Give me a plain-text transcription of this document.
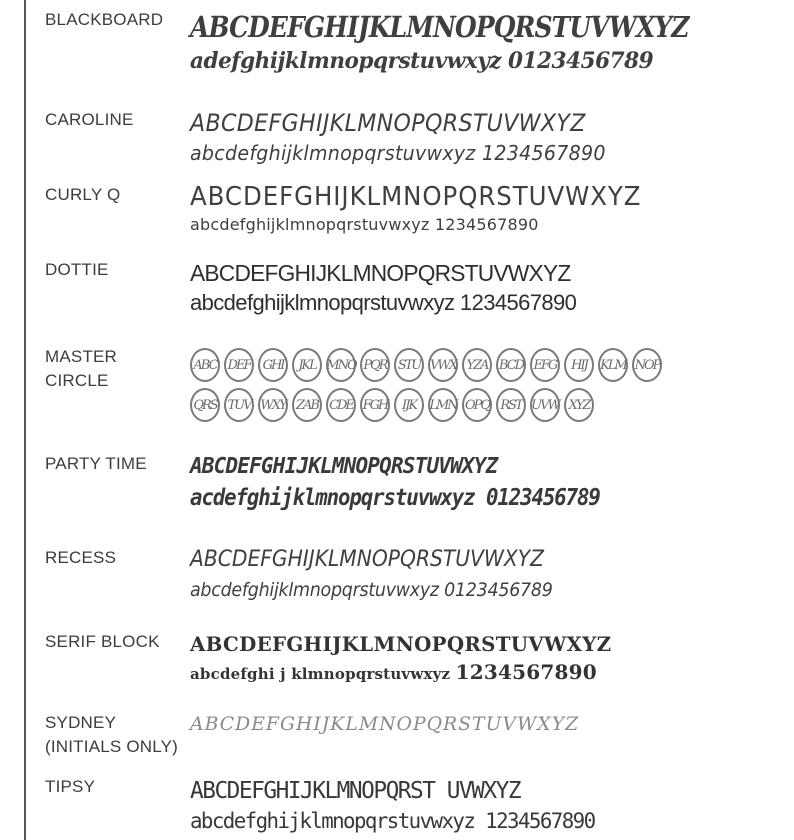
BLACKBOARD ABCDEFGHIJKLMNOPQRSTUVWXYZ
adefghijklmnopqrstuvwxyz 0123456789
CAROLINE	ABCDEFGHIJKLMNOPQRSTUVWXYZ
abcdefghijklmnopqrstuvwxyz 1234567890
CURLY Q	ABCDEFGHIJKLMNOPQRSTUVWXYZ
abcdefghijklmnopqrstuvwxyz 1234567890
DOTTIE	ABCDEFGHIJKLMNOPQRSTUVWXYZ
abcdefghijklmnopqrstuvwxyz 1234567890
MASTER CIRCLE
ABC DEF GHI	JKL MNO PQR STU VWX YZA BCD EFG	HIJ	KLM NOP
QRS TUV WXY ZAB CDE FGH	IJK	LMN OPQ RST UVW XYZ
PARTY TIME	ABCDEFGHIJKLMNOPQRSTUVWXYZ
acdefghijklmnopqrstuvwxyz 0123456789
RECESS	ABCDEFGHIJKLMNOPQRSTUVWXYZ
abcdefghijklmnopqrstuvwxyz 0123456789
SERIF BLOCK	ABCDEFGHIJKLMNOPQRSTUVWXYZ
abcdefghi j klmnopqrstuvwxyz 1234567890
SYDNEY
(INITIALS ONLY)
ABCDEFGHIJKLMNOPQRSTUVWXYZ
TIPSY	ABCDEFGHIJKLMNOPQRST UVWXYZ
abcdefghijklmnopqrstuvwxyz 1234567890
